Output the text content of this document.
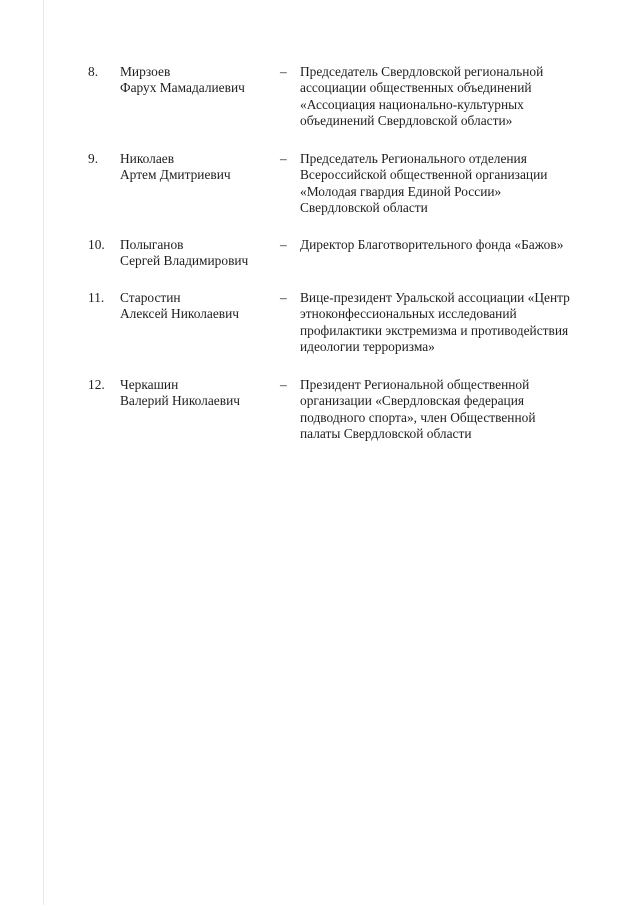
8. Мирзоев
Фарух Мамадалиевич
– Председатель Свердловской региональной
ассоциации общественных объединений
«Ассоциация национально-культурных
объединений Свердловской области»
9. Николаев
Артем Дмитриевич
– Председатель Регионального отделения
Всероссийской общественной организации
«Молодая гвардия Единой России»
Свердловской области
10. Полыганов
Сергей Владимирович
– Директор Благотворительного фонда «Бажов»
11. Старостин
Алексей Николаевич
– Вице-президент Уральской ассоциации «Центр
этноконфессиональных исследований
профилактики экстремизма и противодействия
идеологии терроризма»
12. Черкашин
Валерий Николаевич
– Президент Региональной общественной
организации «Свердловская федерация
подводного спорта», член Общественной
палаты Свердловской области
